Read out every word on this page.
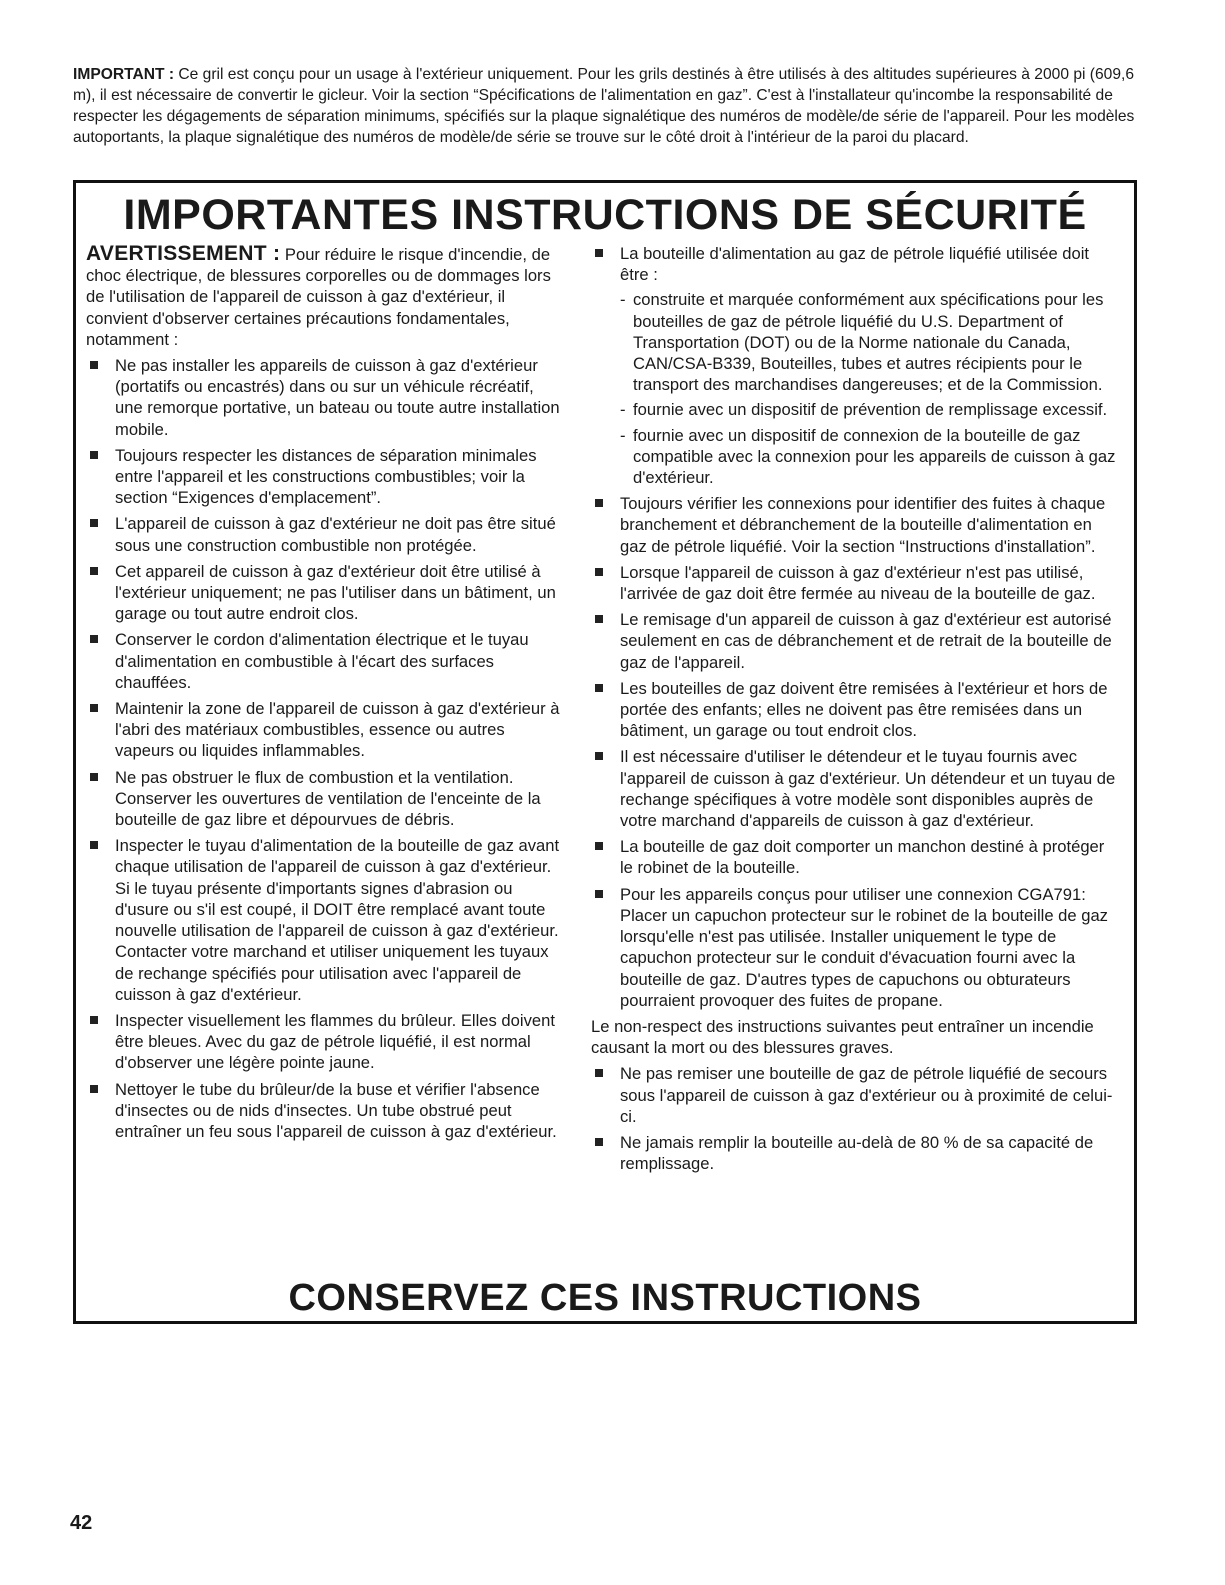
IMPORTANT : Ce gril est conçu pour un usage à l'extérieur uniquement. Pour les grils destinés à être utilisés à des altitudes supérieures à 2000 pi (609,6 m), il est nécessaire de convertir le gicleur. Voir la section “Spécifications de l'alimentation en gaz”. C'est à l'installateur qu'incombe la responsabilité de respecter les dégagements de séparation minimums, spécifiés sur la plaque signalétique des numéros de modèle/de série de l'appareil. Pour les modèles autoportants, la plaque signalétique des numéros de modèle/de série se trouve sur le côté droit à l'intérieur de la paroi du placard.
IMPORTANTES INSTRUCTIONS DE SÉCURITÉ
AVERTISSEMENT : Pour réduire le risque d'incendie, de choc électrique, de blessures corporelles ou de dommages lors de l'utilisation de l'appareil de cuisson à gaz d'extérieur, il convient d'observer certaines précautions fondamentales, notamment :
Ne pas installer les appareils de cuisson à gaz d'extérieur (portatifs ou encastrés) dans ou sur un véhicule récréatif, une remorque portative, un bateau ou toute autre installation mobile.
Toujours respecter les distances de séparation minimales entre l'appareil et les constructions combustibles; voir la section “Exigences d'emplacement”.
L'appareil de cuisson à gaz d'extérieur ne doit pas être situé sous une construction combustible non protégée.
Cet appareil de cuisson à gaz d'extérieur doit être utilisé à l'extérieur uniquement; ne pas l'utiliser dans un bâtiment, un garage ou tout autre endroit clos.
Conserver le cordon d'alimentation électrique et le tuyau d'alimentation en combustible à l'écart des surfaces chauffées.
Maintenir la zone de l'appareil de cuisson à gaz d'extérieur à l'abri des matériaux combustibles, essence ou autres vapeurs ou liquides inflammables.
Ne pas obstruer le flux de combustion et la ventilation. Conserver les ouvertures de ventilation de l'enceinte de la bouteille de gaz libre et dépourvues de débris.
Inspecter le tuyau d'alimentation de la bouteille de gaz avant chaque utilisation de l'appareil de cuisson à gaz d'extérieur. Si le tuyau présente d'importants signes d'abrasion ou d'usure ou s'il est coupé, il DOIT être remplacé avant toute nouvelle utilisation de l'appareil de cuisson à gaz d'extérieur. Contacter votre marchand et utiliser uniquement les tuyaux de rechange spécifiés pour utilisation avec l'appareil de cuisson à gaz d'extérieur.
Inspecter visuellement les flammes du brûleur. Elles doivent être bleues. Avec du gaz de pétrole liquéfié, il est normal d'observer une légère pointe jaune.
Nettoyer le tube du brûleur/de la buse et vérifier l'absence d'insectes ou de nids d'insectes. Un tube obstrué peut entraîner un feu sous l'appareil de cuisson à gaz d'extérieur.
La bouteille d'alimentation au gaz de pétrole liquéfié utilisée doit être :
- construite et marquée conformément aux spécifications pour les bouteilles de gaz de pétrole liquéfié du U.S. Department of Transportation (DOT) ou de la Norme nationale du Canada, CAN/CSA-B339, Bouteilles, tubes et autres récipients pour le transport des marchandises dangereuses; et de la Commission.
- fournie avec un dispositif de prévention de remplissage excessif.
- fournie avec un dispositif de connexion de la bouteille de gaz compatible avec la connexion pour les appareils de cuisson à gaz d'extérieur.
Toujours vérifier les connexions pour identifier des fuites à chaque branchement et débranchement de la bouteille d'alimentation en gaz de pétrole liquéfié. Voir la section “Instructions d'installation”.
Lorsque l'appareil de cuisson à gaz d'extérieur n'est pas utilisé, l'arrivée de gaz doit être fermée au niveau de la bouteille de gaz.
Le remisage d'un appareil de cuisson à gaz d'extérieur est autorisé seulement en cas de débranchement et de retrait de la bouteille de gaz de l'appareil.
Les bouteilles de gaz doivent être remisées à l'extérieur et hors de portée des enfants; elles ne doivent pas être remisées dans un bâtiment, un garage ou tout endroit clos.
Il est nécessaire d'utiliser le détendeur et le tuyau fournis avec l'appareil de cuisson à gaz d'extérieur. Un détendeur et un tuyau de rechange spécifiques à votre modèle sont disponibles auprès de votre marchand d'appareils de cuisson à gaz d'extérieur.
La bouteille de gaz doit comporter un manchon destiné à protéger le robinet de la bouteille.
Pour les appareils conçus pour utiliser une connexion CGA791: Placer un capuchon protecteur sur le robinet de la bouteille de gaz lorsqu'elle n'est pas utilisée. Installer uniquement le type de capuchon protecteur sur le conduit d'évacuation fourni avec la bouteille de gaz. D'autres types de capuchons ou obturateurs pourraient provoquer des fuites de propane.
Le non-respect des instructions suivantes peut entraîner un incendie causant la mort ou des blessures graves.
Ne pas remiser une bouteille de gaz de pétrole liquéfié de secours sous l'appareil de cuisson à gaz d'extérieur ou à proximité de celui-ci.
Ne jamais remplir la bouteille au-delà de 80 % de sa capacité de remplissage.
CONSERVEZ CES INSTRUCTIONS
42
